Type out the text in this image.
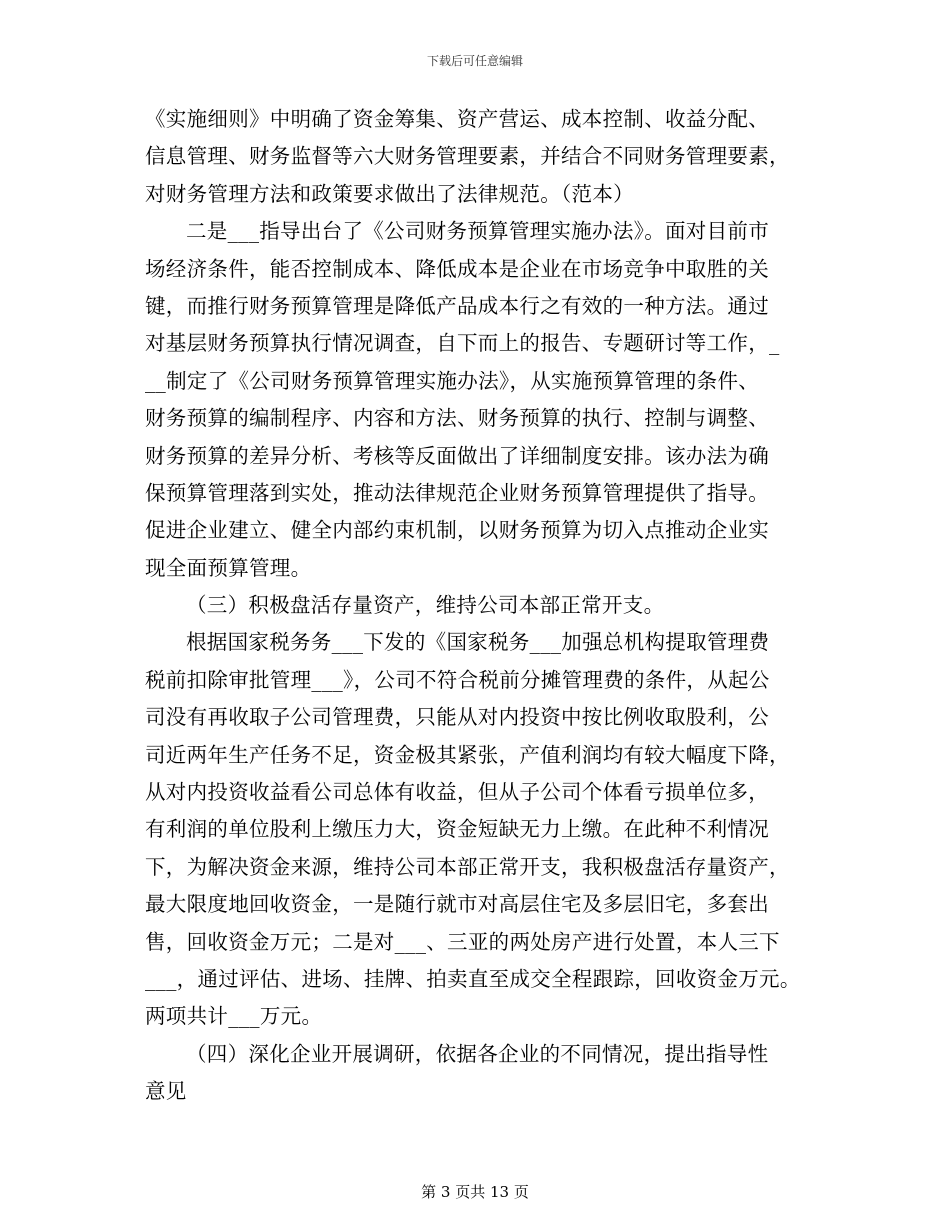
下载后可任意编辑
《实施细则》中明确了资金筹集、资产营运、成本控制、收益分配、
信息管理、财务监督等六大财务管理要素，并结合不同财务管理要素，
对财务管理方法和政策要求做出了法律规范。（范本）
二是___指导出台了《公司财务预算管理实施办法》。面对目前市
场经济条件，能否控制成本、降低成本是企业在市场竞争中取胜的关
键，而推行财务预算管理是降低产品成本行之有效的一种方法。通过
对基层财务预算执行情况调查，自下而上的报告、专题研讨等工作，_
__制定了《公司财务预算管理实施办法》，从实施预算管理的条件、
财务预算的编制程序、内容和方法、财务预算的执行、控制与调整、
财务预算的差异分析、考核等反面做出了详细制度安排。该办法为确
保预算管理落到实处，推动法律规范企业财务预算管理提供了指导。
促进企业建立、健全内部约束机制，以财务预算为切入点推动企业实
现全面预算管理。
（三）积极盘活存量资产，维持公司本部正常开支。
根据国家税务务___下发的《国家税务___加强总机构提取管理费
税前扣除审批管理___》，公司不符合税前分摊管理费的条件，从起公
司没有再收取子公司管理费，只能从对内投资中按比例收取股利，公
司近两年生产任务不足，资金极其紧张，产值利润均有较大幅度下降，
从对内投资收益看公司总体有收益，但从子公司个体看亏损单位多，
有利润的单位股利上缴压力大，资金短缺无力上缴。在此种不利情况
下，为解决资金来源，维持公司本部正常开支，我积极盘活存量资产，
最大限度地回收资金，一是随行就市对高层住宅及多层旧宅，多套出
售，回收资金万元；二是对___、三亚的两处房产进行处置，本人三下
___，通过评估、进场、挂牌、拍卖直至成交全程跟踪，回收资金万元。
两项共计___万元。
（四）深化企业开展调研，依据各企业的不同情况，提出指导性
意见
第 3 页共 13 页
